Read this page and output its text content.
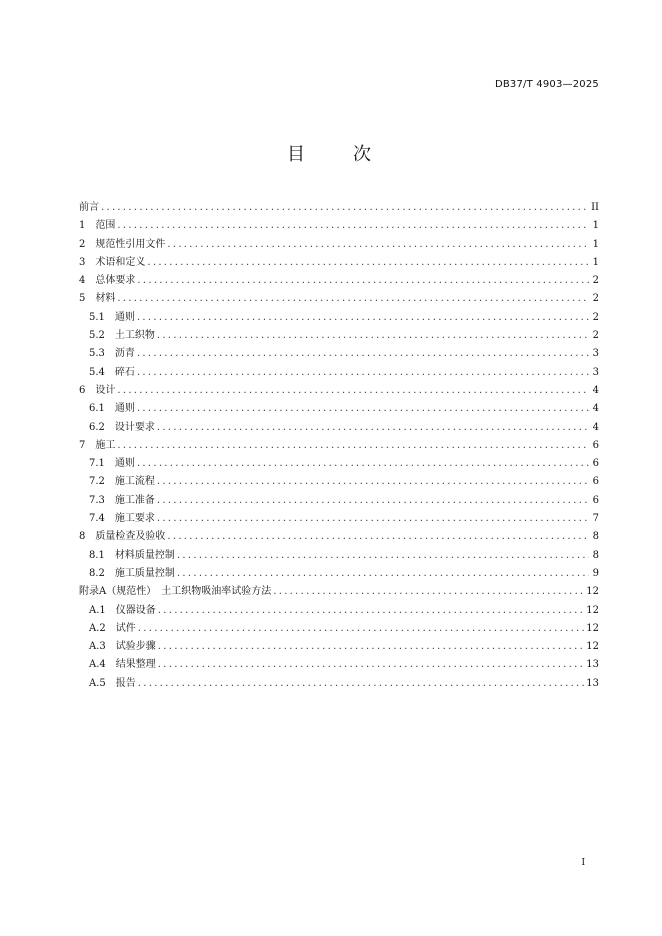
DB37/T 4903—2025
目　　次
前言 .....	II
1　范围 .....	1
2　规范性引用文件 .....	1
3　术语和定义 .....	1
4　总体要求 .....	2
5　材料 .....	2
5.1　通则 .....	2
5.2　土工织物 .....	2
5.3　沥青 .....	3
5.4　碎石 .....	3
6　设计 .....	4
6.1　通则 .....	4
6.2　设计要求 .....	4
7　施工 .....	6
7.1　通则 .....	6
7.2　施工流程 .....	6
7.3　施工准备 .....	6
7.4　施工要求 .....	7
8　质量检查及验收 .....	8
8.1　材料质量控制 .....	8
8.2　施工质量控制 .....	9
附录A（规范性）　土工织物吸油率试验方法 .....	12
A.1　仪器设备 .....	12
A.2　试件 .....	12
A.3　试验步骤 .....	12
A.4　结果整理 .....	13
A.5　报告 .....	13
I
